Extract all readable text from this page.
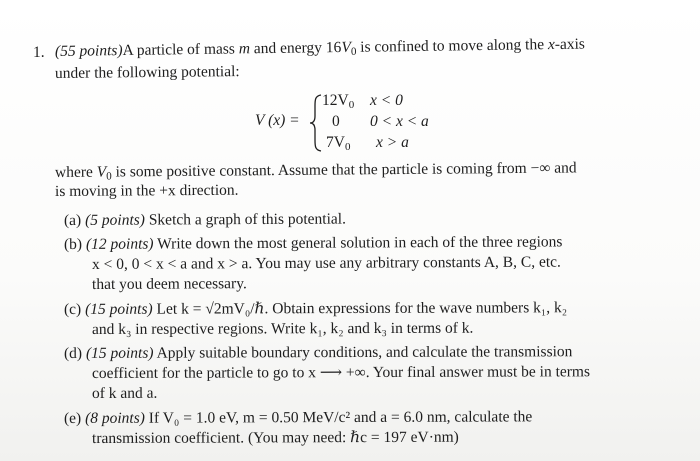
1. (55 points)A particle of mass m and energy $16V_0$ is confined to move along the x-axis
under the following potential:
V (x) =
$12V_0$ x < 0
0 0 < x < a
$7V_0$ x > a
where $V_0$ is some positive constant. Assume that the particle is coming from −∞ and
is moving in the +x direction.
(a) (5 points) Sketch a graph of this potential.
(b) (12 points) Write down the most general solution in each of the three regions
x < 0, 0 < x < a and x > a. You may use any arbitrary constants A, B, C, etc.
that you deem necessary.
(c) (15 points) Let k = √2mV₀/ℏ. Obtain expressions for the wave numbers k₁, k₂
and k₃ in respective regions. Write k₁, k₂ and k₃ in terms of k.
(d) (15 points) Apply suitable boundary conditions, and calculate the transmission
coefficient for the particle to go to x ⟶ +∞. Your final answer must be in terms
of k and a.
(e) (8 points) If V₀ = 1.0 eV, m = 0.50 MeV/c² and a = 6.0 nm, calculate the
transmission coefficient. (You may need: ℏc = 197 eV·nm)
